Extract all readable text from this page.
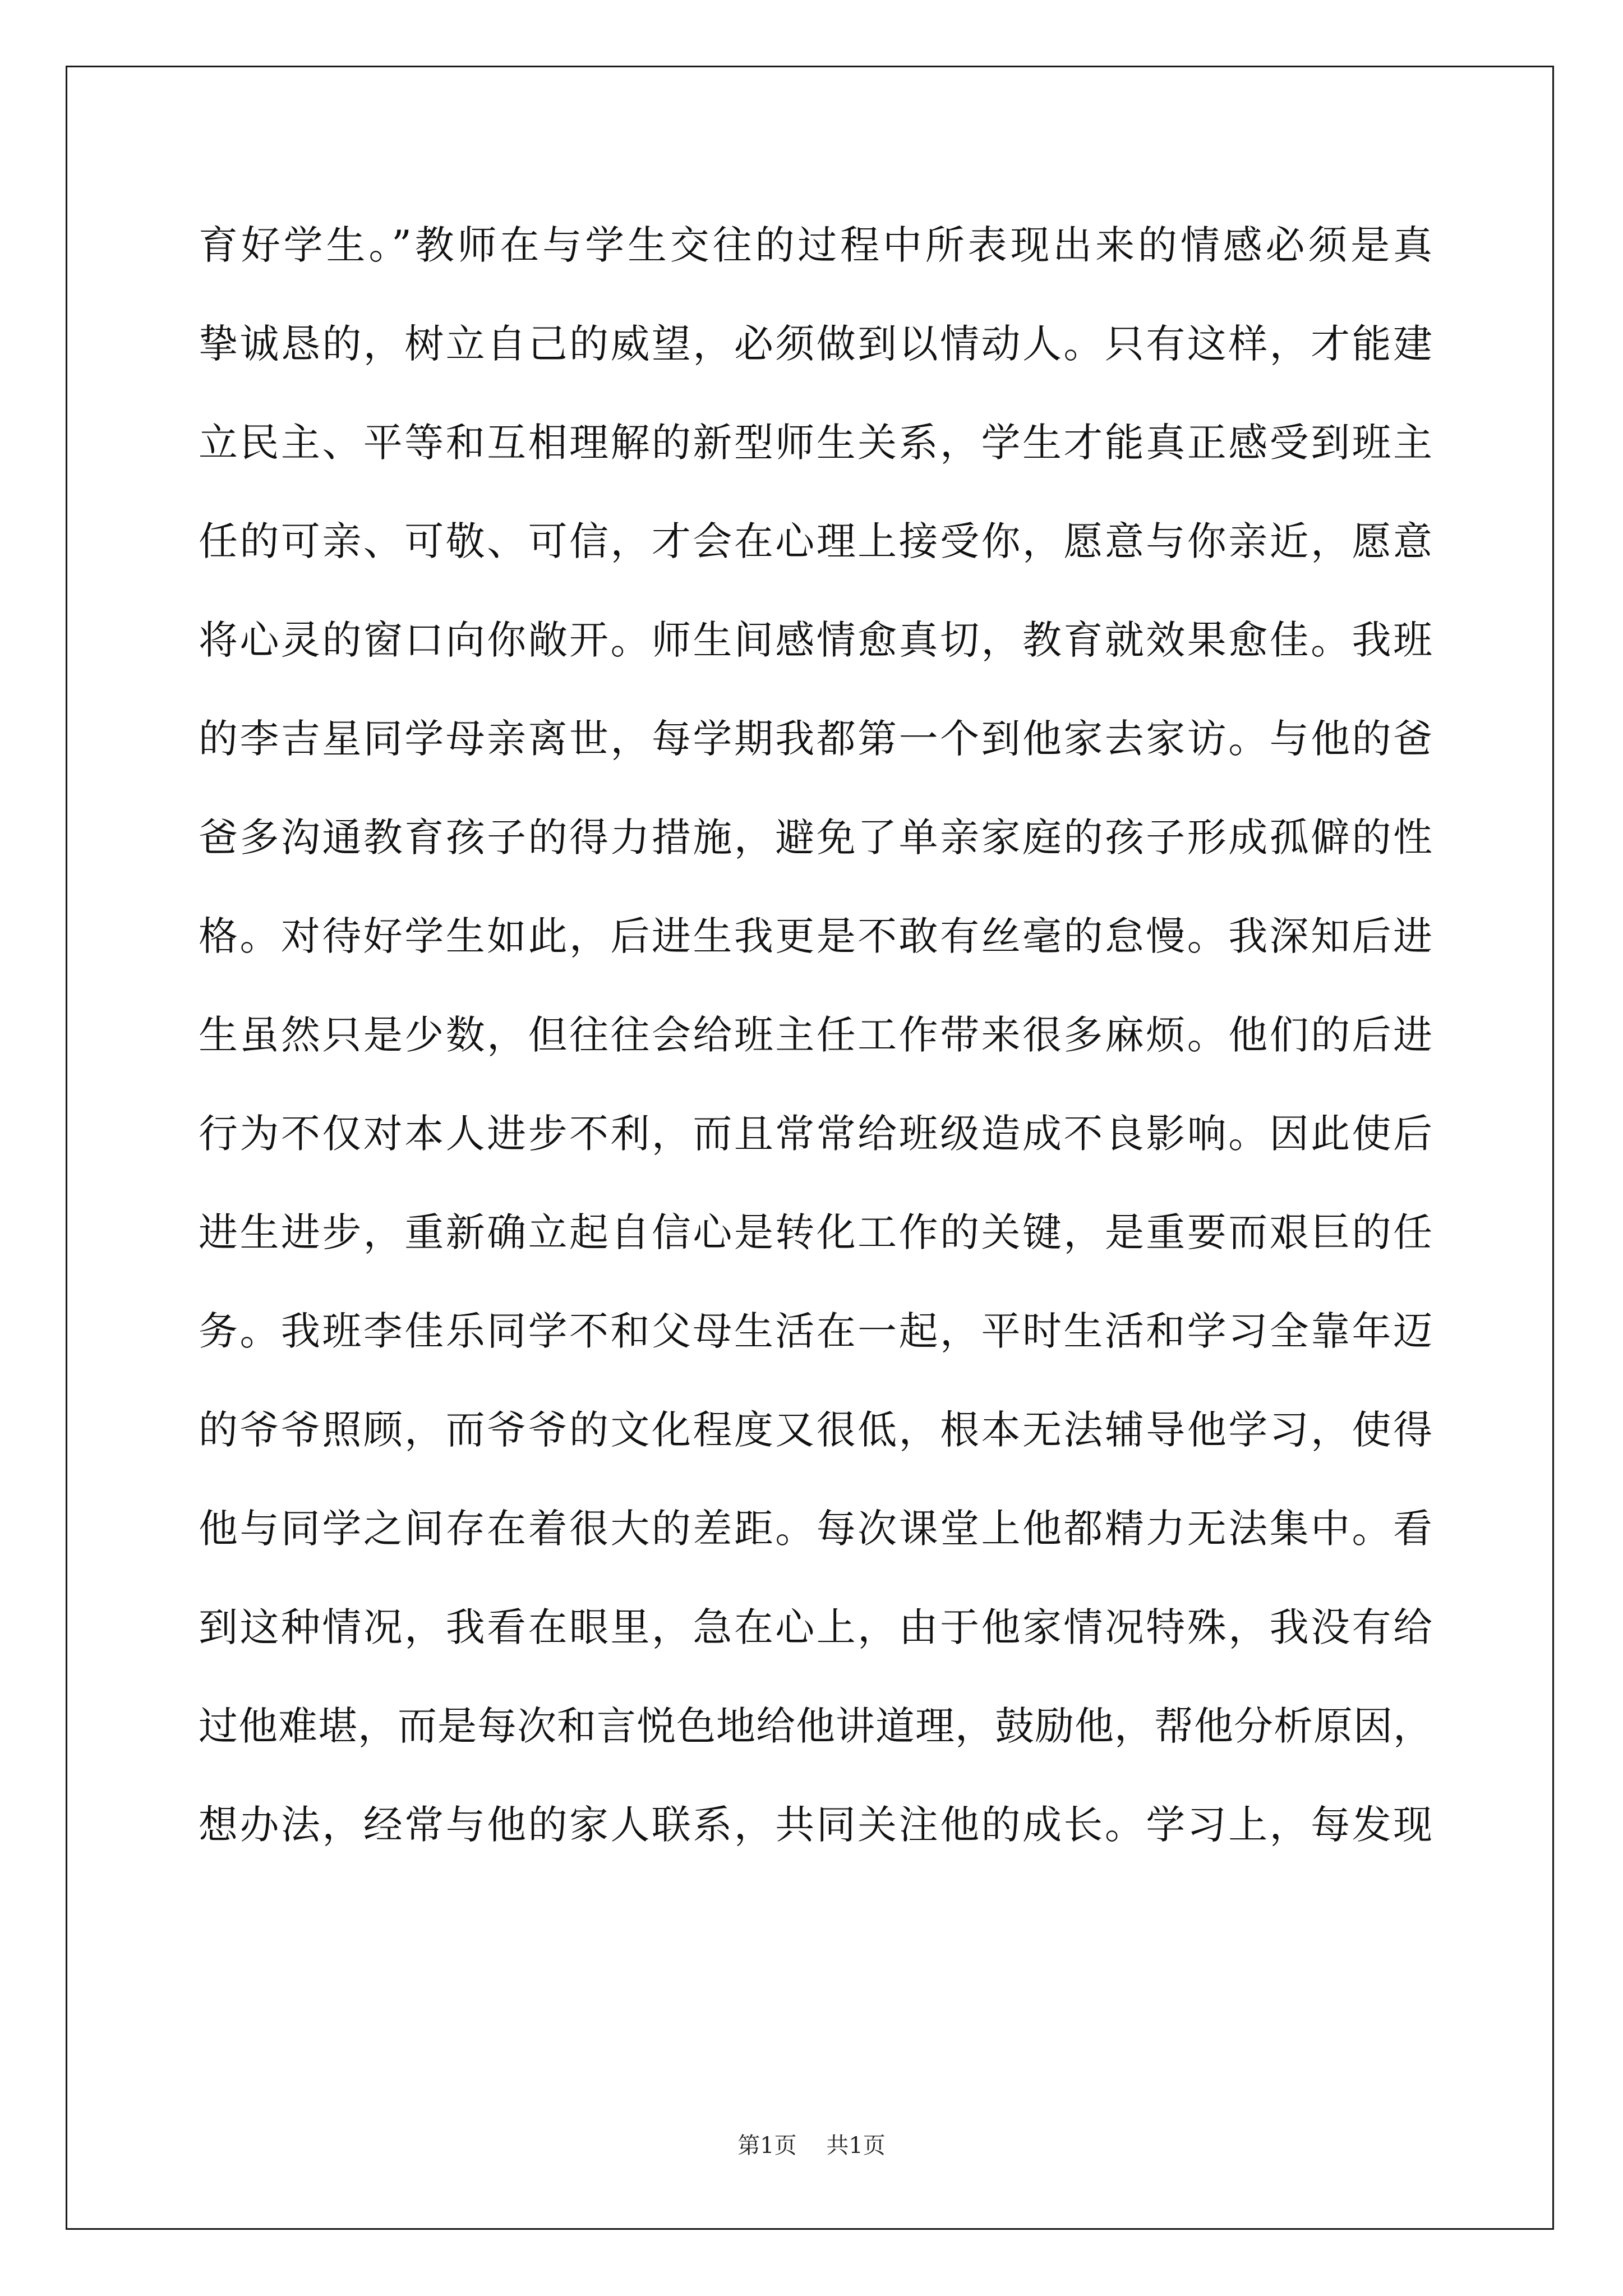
育好学生。”教师在与学生交往的过程中所表现出来的情感必须是真
挚诚恳的，树立自己的威望，必须做到以情动人。只有这样，才能建
立民主、平等和互相理解的新型师生关系，学生才能真正感受到班主
任的可亲、可敬、可信，才会在心理上接受你，愿意与你亲近，愿意
将心灵的窗口向你敞开。师生间感情愈真切，教育就效果愈佳。我班
的李吉星同学母亲离世，每学期我都第一个到他家去家访。与他的爸
爸多沟通教育孩子的得力措施，避免了单亲家庭的孩子形成孤僻的性
格。对待好学生如此，后进生我更是不敢有丝毫的怠慢。我深知后进
生虽然只是少数，但往往会给班主任工作带来很多麻烦。他们的后进
行为不仅对本人进步不利，而且常常给班级造成不良影响。因此使后
进生进步，重新确立起自信心是转化工作的关键，是重要而艰巨的任
务。我班李佳乐同学不和父母生活在一起，平时生活和学习全靠年迈
的爷爷照顾，而爷爷的文化程度又很低，根本无法辅导他学习，使得
他与同学之间存在着很大的差距。每次课堂上他都精力无法集中。看
到这种情况，我看在眼里，急在心上，由于他家情况特殊，我没有给
过他难堪，而是每次和言悦色地给他讲道理，鼓励他，帮他分析原因，
想办法，经常与他的家人联系，共同关注他的成长。学习上，每发现
第1页 共1页
